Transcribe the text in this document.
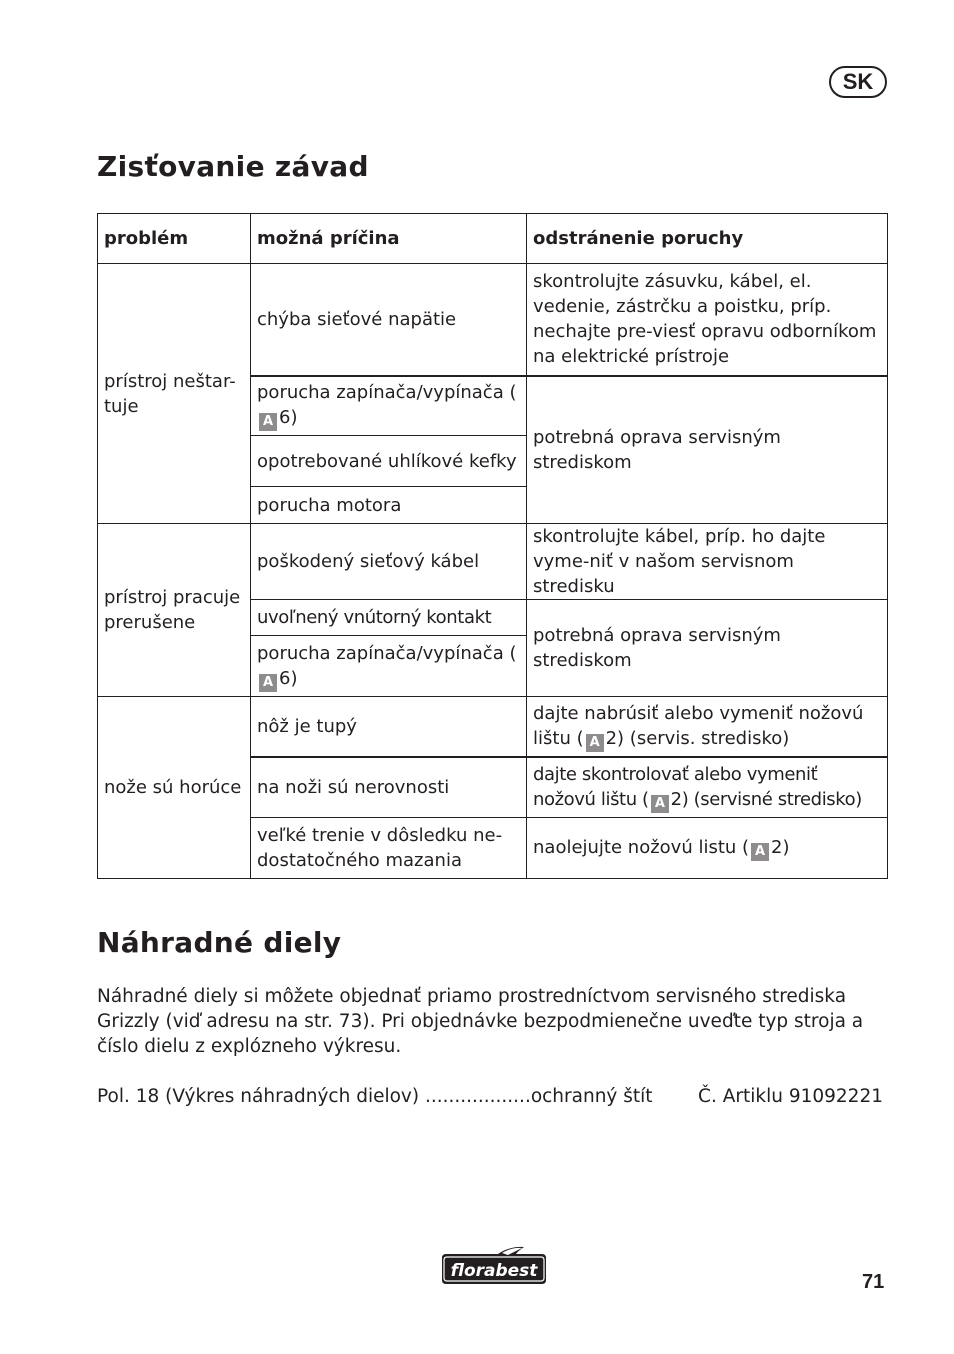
SK
Zisťovanie závad
problém	možná príčina	odstránenie poruchy
prístroj neštar-tuje	chýba sieťové napätie	skontrolujte zásuvku, kábel, el. vedenie, zástrčku a poistku, príp. nechajte pre-viesť opravu odborníkom na elektrické prístroje
	porucha zapínača/vypínača (A 6)	potrebná oprava servisným strediskom
	opotrebované uhlíkové kefky	
	porucha motora	
prístroj pracuje prerušene	poškodený sieťový kábel	skontrolujte kábel, príp. ho dajte vyme-niť v našom servisnom stredisku
	uvoľnený vnútorný kontakt	potrebná oprava servisným strediskom
	porucha zapínača/vypínača (A 6)	
nože sú horúce	nôž je tupý	dajte nabrúsiť alebo vymeniť nožovú lištu ( A 2) (servis. stredisko)
	na noži sú nerovnosti	dajte skontrolovať alebo vymeniť nožovú lištu ( A 2) (servisné stredisko)
	veľké trenie v dôsledku ne-dostatočného mazania	naolejujte nožovú listu ( A 2)
Náhradné diely

Náhradné diely si môžete objednať priamo prostredníctvom servisného strediska Grizzly (viď adresu na str. 73). Pri objednávke bezpodmienečne uveďte typ stroja a číslo dielu z explózneho výkresu.

Pol. 18 (Výkres náhradných dielov) ..................ochranný štít Č. Artiklu 91092221
florabest	71
